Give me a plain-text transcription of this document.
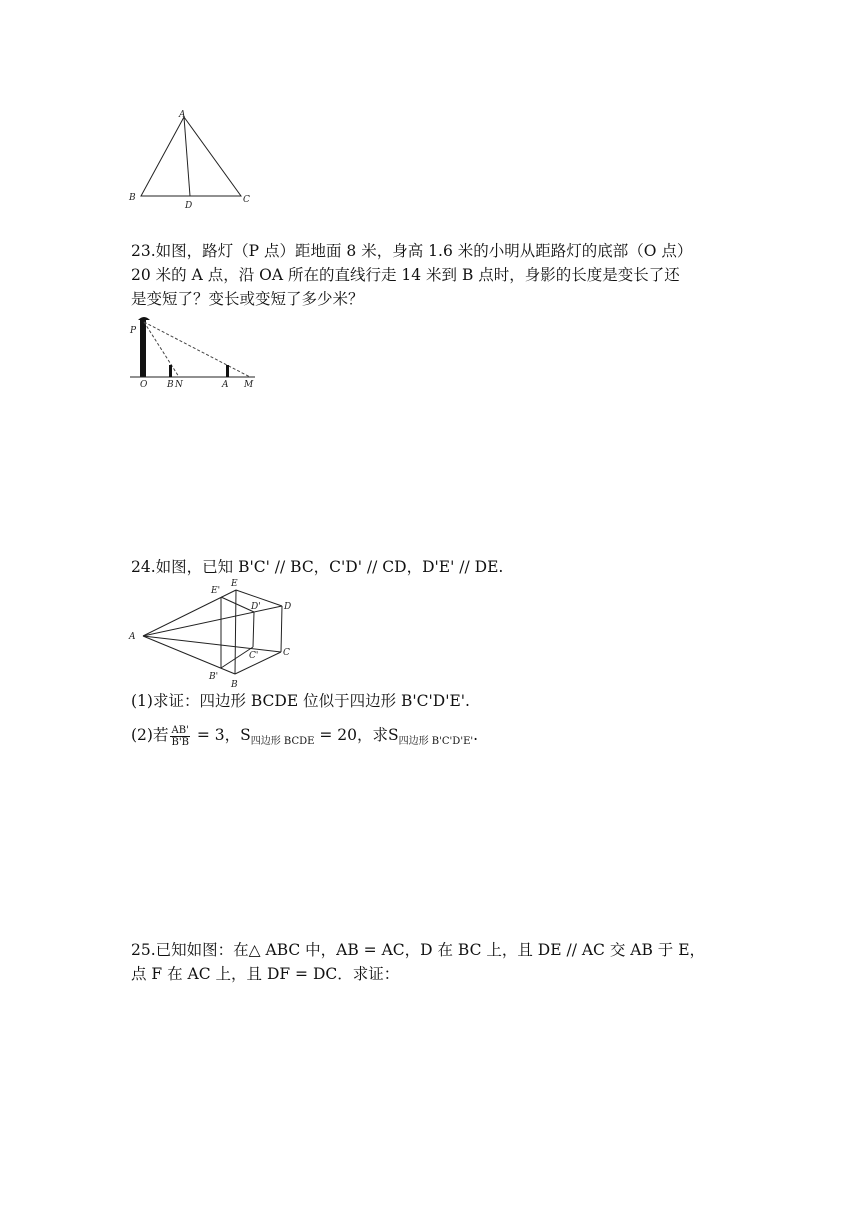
A
B	C
D
23.如图，路灯（P 点）距地面 8 米，身高 1.6 米的小明从距路灯的底部（O 点）
20 米的 A 点，沿 OA 所在的直线行走 14 米到 B 点时，身影的长度是变长了还
是变短了？变长或变短了多少米？
P
O B N	A M
24.如图，已知 B'C' // BC，C'D' // CD，D'E' // DE.
A
E
E'
D'	D
C'	C
B'
B
(1)求证：四边形 BCDE 位似于四边形 B'C'D'E'.
(2)若 $\frac{AB'}{B'B} = 3$，$S_{四边形 BCDE} = 20$，求$S_{四边形 B'C'D'E'}$.
25.已知如图：在△ ABC 中，AB = AC，D 在 BC 上，且 DE // AC 交 AB 于 E，
点 F 在 AC 上，且 DF = DC．求证：
